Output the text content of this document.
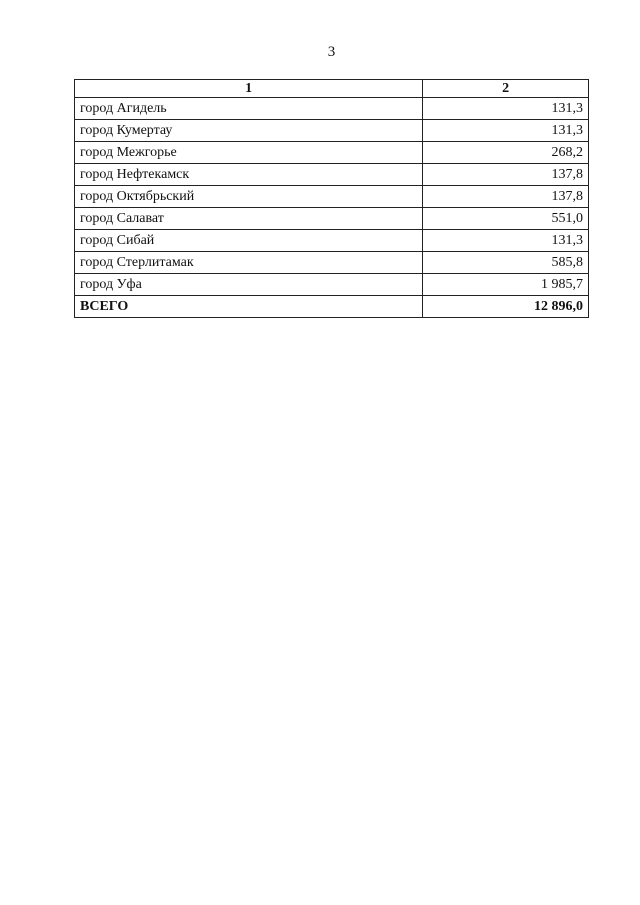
3
1	2
город Агидель	131,3
город Кумертау	131,3
город Межгорье	268,2
город Нефтекамск	137,8
город Октябрьский	137,8
город Салават	551,0
город Сибай	131,3
город Стерлитамак	585,8
город Уфа	1 985,7
ВСЕГО	12 896,0
